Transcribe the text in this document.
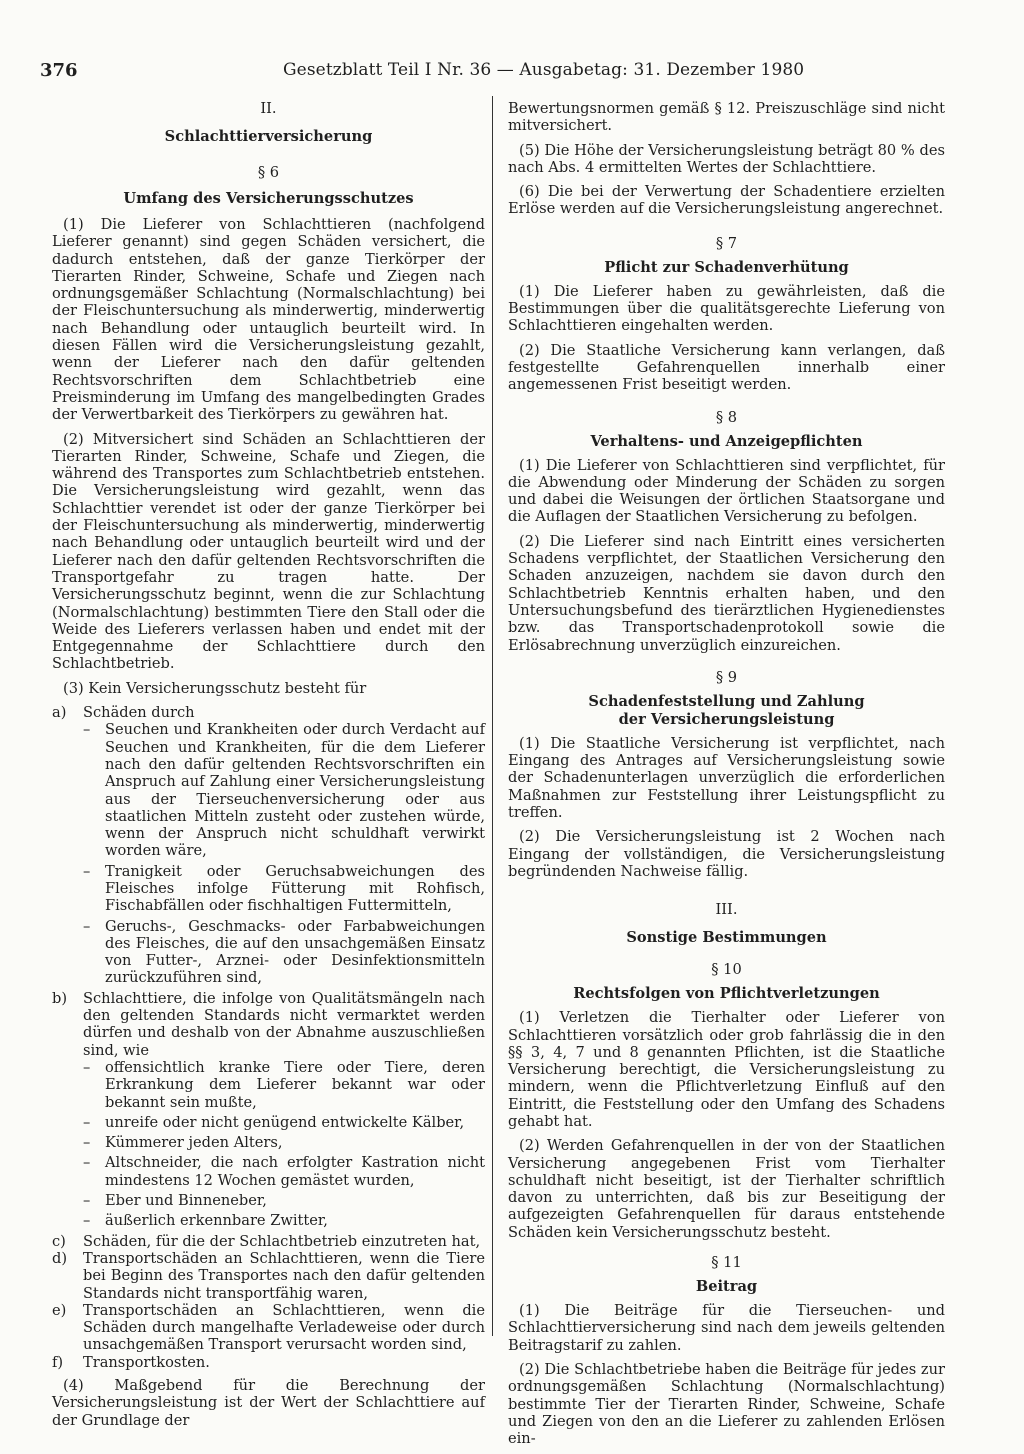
376	Gesetzblatt Teil I Nr. 36 — Ausgabetag: 31. Dezember 1980
II.
Schlachttierversicherung
§ 6
Umfang des Versicherungsschutzes

(1) Die Lieferer von Schlachttieren (nachfolgend Lieferer genannt) sind gegen Schäden versichert, die dadurch entstehen, daß der ganze Tierkörper der Tierarten Rinder, Schweine, Schafe und Ziegen nach ordnungsgemäßer Schlachtung (Normalschlachtung) bei der Fleischuntersuchung als minderwertig, minderwertig nach Behandlung oder untauglich beurteilt wird. In diesen Fällen wird die Versicherungsleistung gezahlt, wenn der Lieferer nach den dafür geltenden Rechtsvorschriften dem Schlachtbetrieb eine Preisminderung im Umfang des mangelbedingten Grades der Verwertbarkeit des Tierkörpers zu gewähren hat.

(2) Mitversichert sind Schäden an Schlachttieren der Tierarten Rinder, Schweine, Schafe und Ziegen, die während des Transportes zum Schlachtbetrieb entstehen. Die Versicherungsleistung wird gezahlt, wenn das Schlachttier verendet ist oder der ganze Tierkörper bei der Fleischuntersuchung als minderwertig, minderwertig nach Behandlung oder untauglich beurteilt wird und der Lieferer nach den dafür geltenden Rechtsvorschriften die Transportgefahr zu tragen hatte. Der Versicherungsschutz beginnt, wenn die zur Schlachtung (Normalschlachtung) bestimmten Tiere den Stall oder die Weide des Lieferers verlassen haben und endet mit der Entgegennahme der Schlachttiere durch den Schlachtbetrieb.

(3) Kein Versicherungsschutz besteht für

a)	Schäden durch
–	Seuchen und Krankheiten oder durch Verdacht auf Seuchen und Krankheiten, für die dem Lieferer nach den dafür geltenden Rechtsvorschriften ein Anspruch auf Zahlung einer Versicherungsleistung aus der Tierseuchenversicherung oder aus staatlichen Mitteln zusteht oder zustehen würde, wenn der Anspruch nicht schuldhaft verwirkt worden wäre,
–	Tranigkeit oder Geruchsabweichungen des Fleisches infolge Fütterung mit Rohfisch, Fischabfällen oder fischhaltigen Futtermitteln,
–	Geruchs-, Geschmacks- oder Farbabweichungen des Fleisches, die auf den unsachgemäßen Einsatz von Futter-, Arznei- oder Desinfektionsmitteln zurückzuführen sind,
b)	Schlachttiere, die infolge von Qualitätsmängeln nach den geltenden Standards nicht vermarktet werden dürfen und deshalb von der Abnahme auszuschließen sind, wie
–	offensichtlich kranke Tiere oder Tiere, deren Erkrankung dem Lieferer bekannt war oder bekannt sein mußte,
–	unreife oder nicht genügend entwickelte Kälber,
–	Kümmerer jeden Alters,
–	Altschneider, die nach erfolgter Kastration nicht mindestens 12 Wochen gemästet wurden,
–	Eber und Binneneber,
–	äußerlich erkennbare Zwitter,
c)	Schäden, für die der Schlachtbetrieb einzutreten hat,
d)	Transportschäden an Schlachttieren, wenn die Tiere bei Beginn des Transportes nach den dafür geltenden Standards nicht transportfähig waren,
e)	Transportschäden an Schlachttieren, wenn die Schäden durch mangelhafte Verladeweise oder durch unsachgemäßen Transport verursacht worden sind,
f)	Transportkosten.

(4) Maßgebend für die Berechnung der Versicherungsleistung ist der Wert der Schlachttiere auf der Grundlage der

Bewertungsnormen gemäß § 12. Preiszuschläge sind nicht mitversichert.

(5) Die Höhe der Versicherungsleistung beträgt 80 % des nach Abs. 4 ermittelten Wertes der Schlachttiere.

(6) Die bei der Verwertung der Schadentiere erzielten Erlöse werden auf die Versicherungsleistung angerechnet.

§ 7
Pflicht zur Schadenverhütung

(1) Die Lieferer haben zu gewährleisten, daß die Bestimmungen über die qualitätsgerechte Lieferung von Schlachttieren eingehalten werden.

(2) Die Staatliche Versicherung kann verlangen, daß festgestellte Gefahrenquellen innerhalb einer angemessenen Frist beseitigt werden.

§ 8
Verhaltens- und Anzeigepflichten

(1) Die Lieferer von Schlachttieren sind verpflichtet, für die Abwendung oder Minderung der Schäden zu sorgen und dabei die Weisungen der örtlichen Staatsorgane und die Auflagen der Staatlichen Versicherung zu befolgen.

(2) Die Lieferer sind nach Eintritt eines versicherten Schadens verpflichtet, der Staatlichen Versicherung den Schaden anzuzeigen, nachdem sie davon durch den Schlachtbetrieb Kenntnis erhalten haben, und den Untersuchungsbefund des tierärztlichen Hygienedienstes bzw. das Transportschadenprotokoll sowie die Erlösabrechnung unverzüglich einzureichen.

§ 9
Schadenfeststellung und Zahlung
der Versicherungsleistung

(1) Die Staatliche Versicherung ist verpflichtet, nach Eingang des Antrages auf Versicherungsleistung sowie der Schadenunterlagen unverzüglich die erforderlichen Maßnahmen zur Feststellung ihrer Leistungspflicht zu treffen.

(2) Die Versicherungsleistung ist 2 Wochen nach Eingang der vollständigen, die Versicherungsleistung begründenden Nachweise fällig.

III.
Sonstige Bestimmungen
§ 10
Rechtsfolgen von Pflichtverletzungen

(1) Verletzen die Tierhalter oder Lieferer von Schlachttieren vorsätzlich oder grob fahrlässig die in den §§ 3, 4, 7 und 8 genannten Pflichten, ist die Staatliche Versicherung berechtigt, die Versicherungsleistung zu mindern, wenn die Pflichtverletzung Einfluß auf den Eintritt, die Feststellung oder den Umfang des Schadens gehabt hat.

(2) Werden Gefahrenquellen in der von der Staatlichen Versicherung angegebenen Frist vom Tierhalter schuldhaft nicht beseitigt, ist der Tierhalter schriftlich davon zu unterrichten, daß bis zur Beseitigung der aufgezeigten Gefahrenquellen für daraus entstehende Schäden kein Versicherungsschutz besteht.

§ 11
Beitrag

(1) Die Beiträge für die Tierseuchen- und Schlachttierversicherung sind nach dem jeweils geltenden Beitragstarif zu zahlen.

(2) Die Schlachtbetriebe haben die Beiträge für jedes zur ordnungsgemäßen Schlachtung (Normalschlachtung) bestimmte Tier der Tierarten Rinder, Schweine, Schafe und Ziegen von den an die Lieferer zu zahlenden Erlösen ein-
